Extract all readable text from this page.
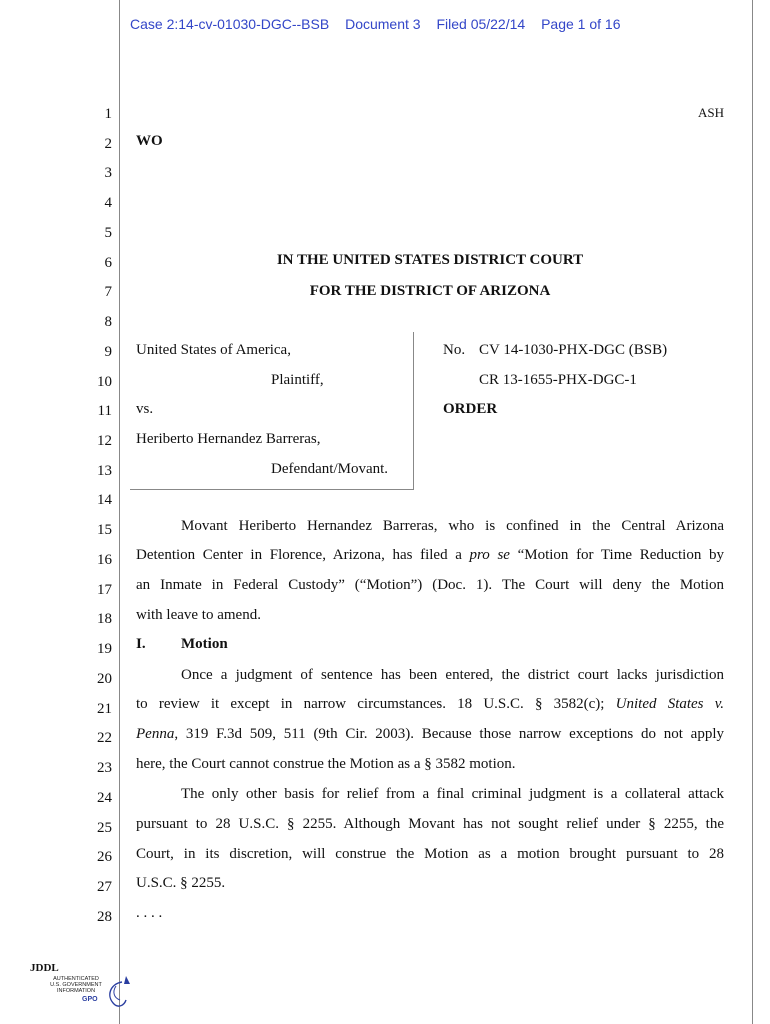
Case 2:14-cv-01030-DGC--BSB Document 3 Filed 05/22/14 Page 1 of 16
1
2
3
4
5
6
7
8
9
10
11
12
13
14
15
16
17
18
19
20
21
22
23
24
25
26
27
28
ASH
WO
IN THE UNITED STATES DISTRICT COURT
FOR THE DISTRICT OF ARIZONA
United States of America,
Plaintiff,
vs.
Heriberto Hernandez Barreras,
Defendant/Movant.
No. CV 14-1030-PHX-DGC (BSB)
CR 13-1655-PHX-DGC-1
ORDER
Movant Heriberto Hernandez Barreras, who is confined in the Central Arizona
Detention Center in Florence, Arizona, has filed a pro se “Motion for Time Reduction by
an Inmate in Federal Custody” (“Motion”) (Doc. 1). The Court will deny the Motion
with leave to amend.
I. Motion
Once a judgment of sentence has been entered, the district court lacks jurisdiction
to review it except in narrow circumstances. 18 U.S.C. § 3582(c); United States v.
Penna, 319 F.3d 509, 511 (9th Cir. 2003). Because those narrow exceptions do not apply
here, the Court cannot construe the Motion as a § 3582 motion.
The only other basis for relief from a final criminal judgment is a collateral attack
pursuant to 28 U.S.C. § 2255. Although Movant has not sought relief under § 2255, the
Court, in its discretion, will construe the Motion as a motion brought pursuant to 28
U.S.C. § 2255.
. . . .
JDDL
AUTHENTICATED
U.S. GOVERNMENT
INFORMATION
GPO
